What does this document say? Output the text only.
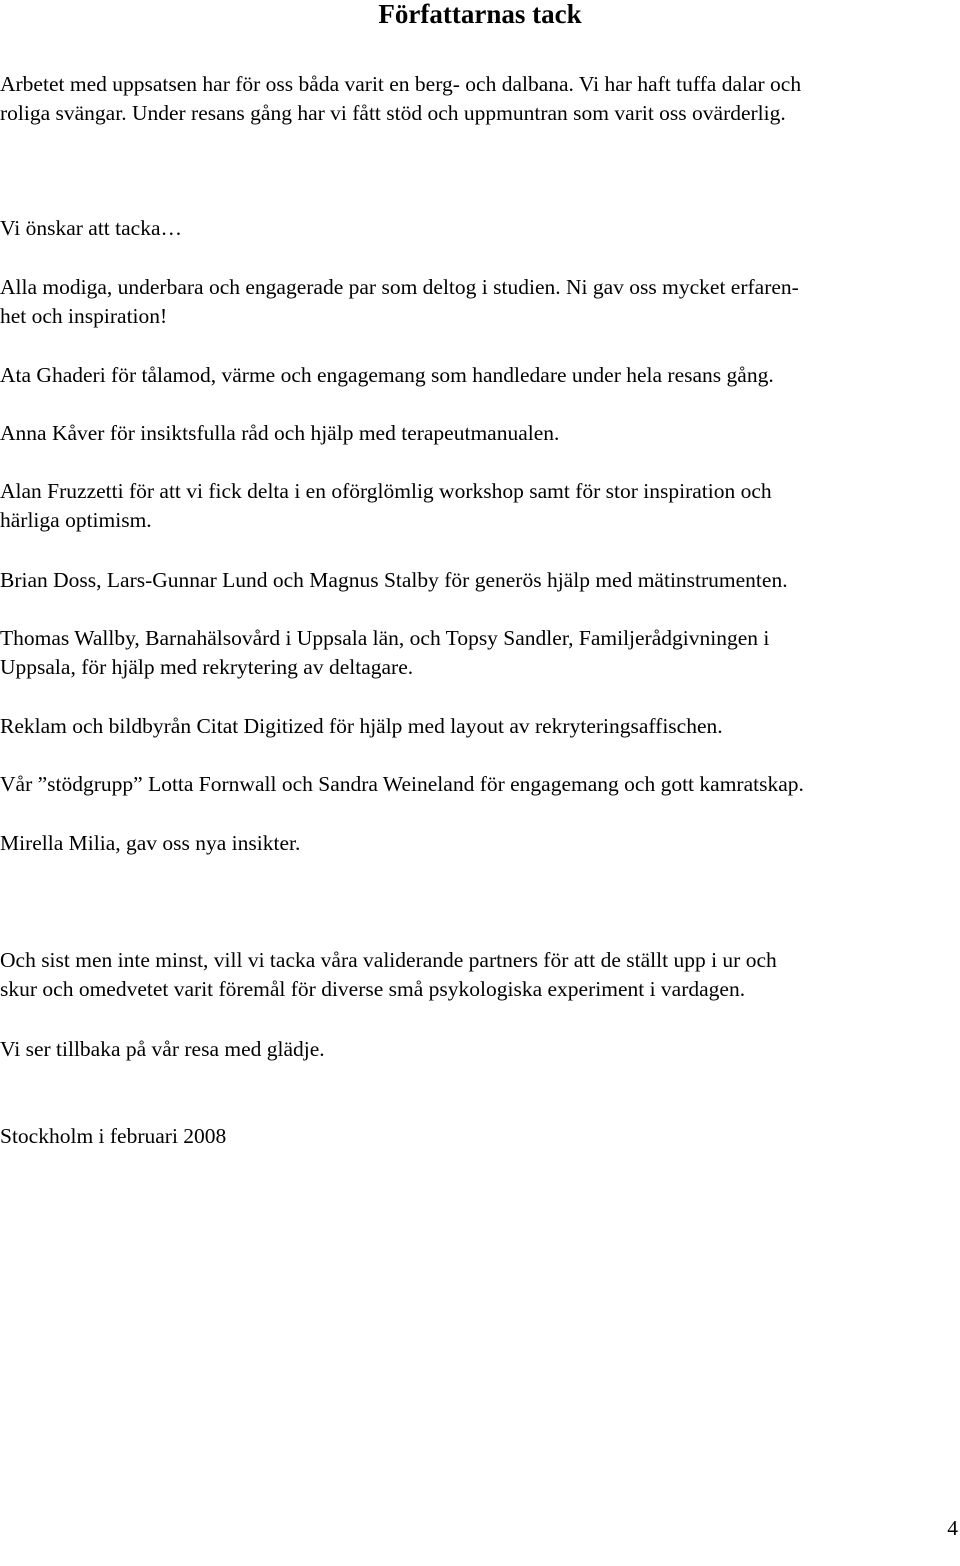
Författarnas tack

Arbetet med uppsatsen har för oss båda varit en berg- och dalbana. Vi har haft tuffa dalar och
roliga svängar. Under resans gång har vi fått stöd och uppmuntran som varit oss ovärderlig.

Vi önskar att tacka…

Alla modiga, underbara och engagerade par som deltog i studien. Ni gav oss mycket erfaren-
het och inspiration!

Ata Ghaderi för tålamod, värme och engagemang som handledare under hela resans gång.

Anna Kåver för insiktsfulla råd och hjälp med terapeutmanualen.

Alan Fruzzetti för att vi fick delta i en oförglömlig workshop samt för stor inspiration och
härliga optimism.

Brian Doss, Lars-Gunnar Lund och Magnus Stalby för generös hjälp med mätinstrumenten.

Thomas Wallby, Barnahälsovård i Uppsala län, och Topsy Sandler, Familjerådgivningen i
Uppsala, för hjälp med rekrytering av deltagare.

Reklam och bildbyrån Citat Digitized för hjälp med layout av rekryteringsaffischen.

Vår ”stödgrupp” Lotta Fornwall och Sandra Weineland för engagemang och gott kamratskap.

Mirella Milia, gav oss nya insikter.

Och sist men inte minst, vill vi tacka våra validerande partners för att de ställt upp i ur och
skur och omedvetet varit föremål för diverse små psykologiska experiment i vardagen.

Vi ser tillbaka på vår resa med glädje.

Stockholm i februari 2008

4
